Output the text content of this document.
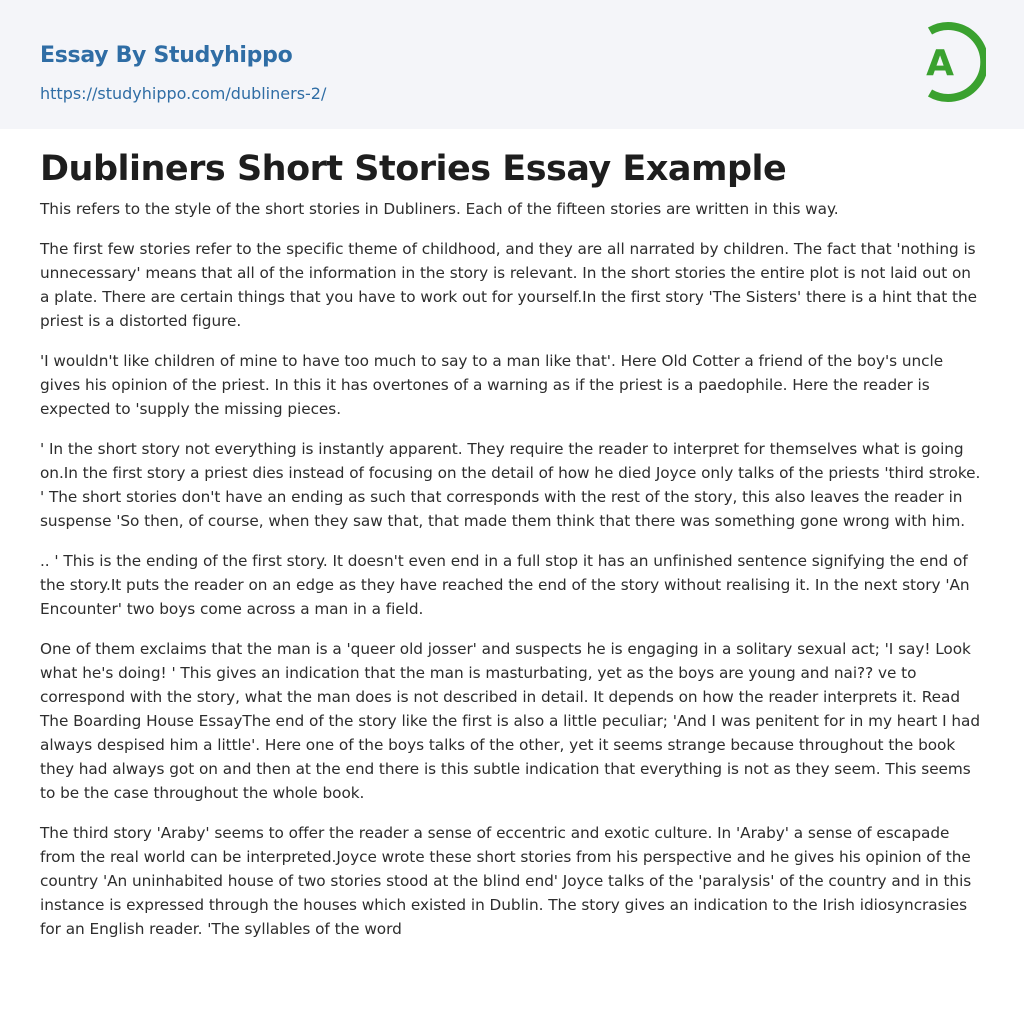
Essay By Studyhippo
https://studyhippo.com/dubliners-2/
A
Dubliners Short Stories Essay Example

This refers to the style of the short stories in Dubliners. Each of the fifteen stories are written in this way.

The first few stories refer to the specific theme of childhood, and they are all narrated by children. The fact that 'nothing is unnecessary' means that all of the information in the story is relevant. In the short stories the entire plot is not laid out on a plate. There are certain things that you have to work out for yourself.In the first story 'The Sisters' there is a hint that the priest is a distorted figure.

'I wouldn't like children of mine to have too much to say to a man like that'. Here Old Cotter a friend of the boy's uncle gives his opinion of the priest. In this it has overtones of a warning as if the priest is a paedophile. Here the reader is expected to 'supply the missing pieces.

' In the short story not everything is instantly apparent. They require the reader to interpret for themselves what is going on.In the first story a priest dies instead of focusing on the detail of how he died Joyce only talks of the priests 'third stroke. ' The short stories don't have an ending as such that corresponds with the rest of the story, this also leaves the reader in suspense 'So then, of course, when they saw that, that made them think that there was something gone wrong with him.

.. ' This is the ending of the first story. It doesn't even end in a full stop it has an unfinished sentence signifying the end of the story.It puts the reader on an edge as they have reached the end of the story without realising it. In the next story 'An Encounter' two boys come across a man in a field.

One of them exclaims that the man is a 'queer old josser' and suspects he is engaging in a solitary sexual act; 'I say! Look what he's doing! ' This gives an indication that the man is masturbating, yet as the boys are young and nai?? ve to correspond with the story, what the man does is not described in detail. It depends on how the reader interprets it. Read The Boarding House EssayThe end of the story like the first is also a little peculiar; 'And I was penitent for in my heart I had always despised him a little'. Here one of the boys talks of the other, yet it seems strange because throughout the book they had always got on and then at the end there is this subtle indication that everything is not as they seem. This seems to be the case throughout the whole book.

The third story 'Araby' seems to offer the reader a sense of eccentric and exotic culture. In 'Araby' a sense of escapade from the real world can be interpreted.Joyce wrote these short stories from his perspective and he gives his opinion of the country 'An uninhabited house of two stories stood at the blind end' Joyce talks of the 'paralysis' of the country and in this instance is expressed through the houses which existed in Dublin. The story gives an indication to the Irish idiosyncrasies for an English reader. 'The syllables of the word
